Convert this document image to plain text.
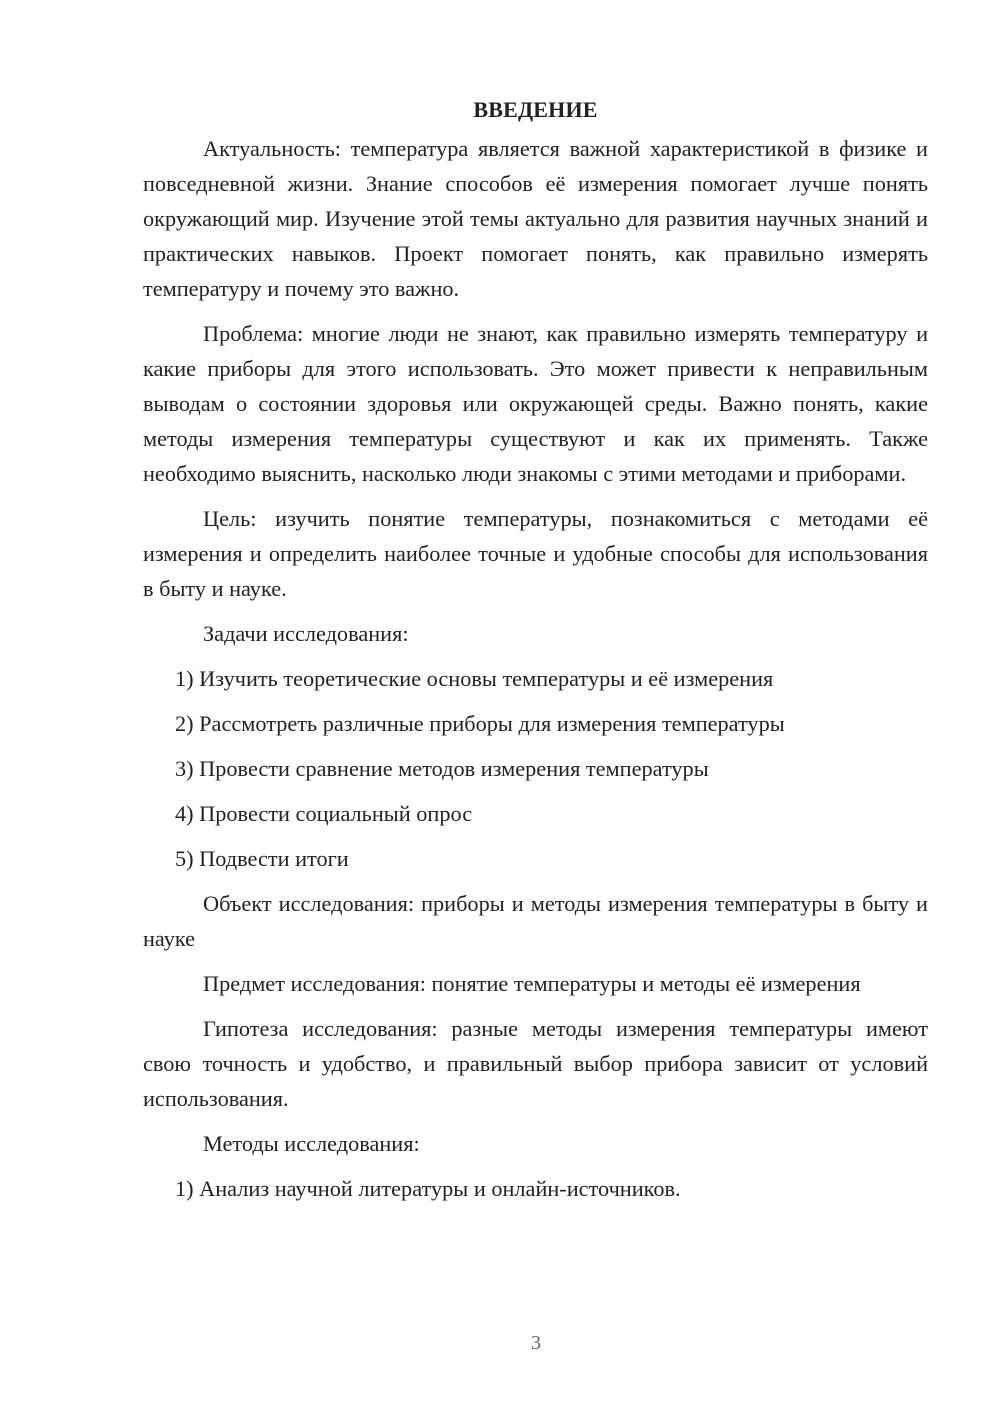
ВВЕДЕНИЕ

Актуальность: температура является важной характеристикой в физике и повседневной жизни. Знание способов её измерения помогает лучше понять окружающий мир. Изучение этой темы актуально для развития научных знаний и практических навыков. Проект помогает понять, как правильно измерять температуру и почему это важно.

Проблема: многие люди не знают, как правильно измерять температуру и какие приборы для этого использовать. Это может привести к неправильным выводам о состоянии здоровья или окружающей среды. Важно понять, какие методы измерения температуры существуют и как их применять. Также необходимо выяснить, насколько люди знакомы с этими методами и приборами.

Цель: изучить понятие температуры, познакомиться с методами её измерения и определить наиболее точные и удобные способы для использования в быту и науке.

Задачи исследования:

1) Изучить теоретические основы температуры и её измерения
2) Рассмотреть различные приборы для измерения температуры
3) Провести сравнение методов измерения температуры
4) Провести социальный опрос
5) Подвести итоги

Объект исследования: приборы и методы измерения температуры в быту и науке

Предмет исследования: понятие температуры и методы её измерения

Гипотеза исследования: разные методы измерения температуры имеют свою точность и удобство, и правильный выбор прибора зависит от условий использования.

Методы исследования:

1) Анализ научной литературы и онлайн-источников.
3
